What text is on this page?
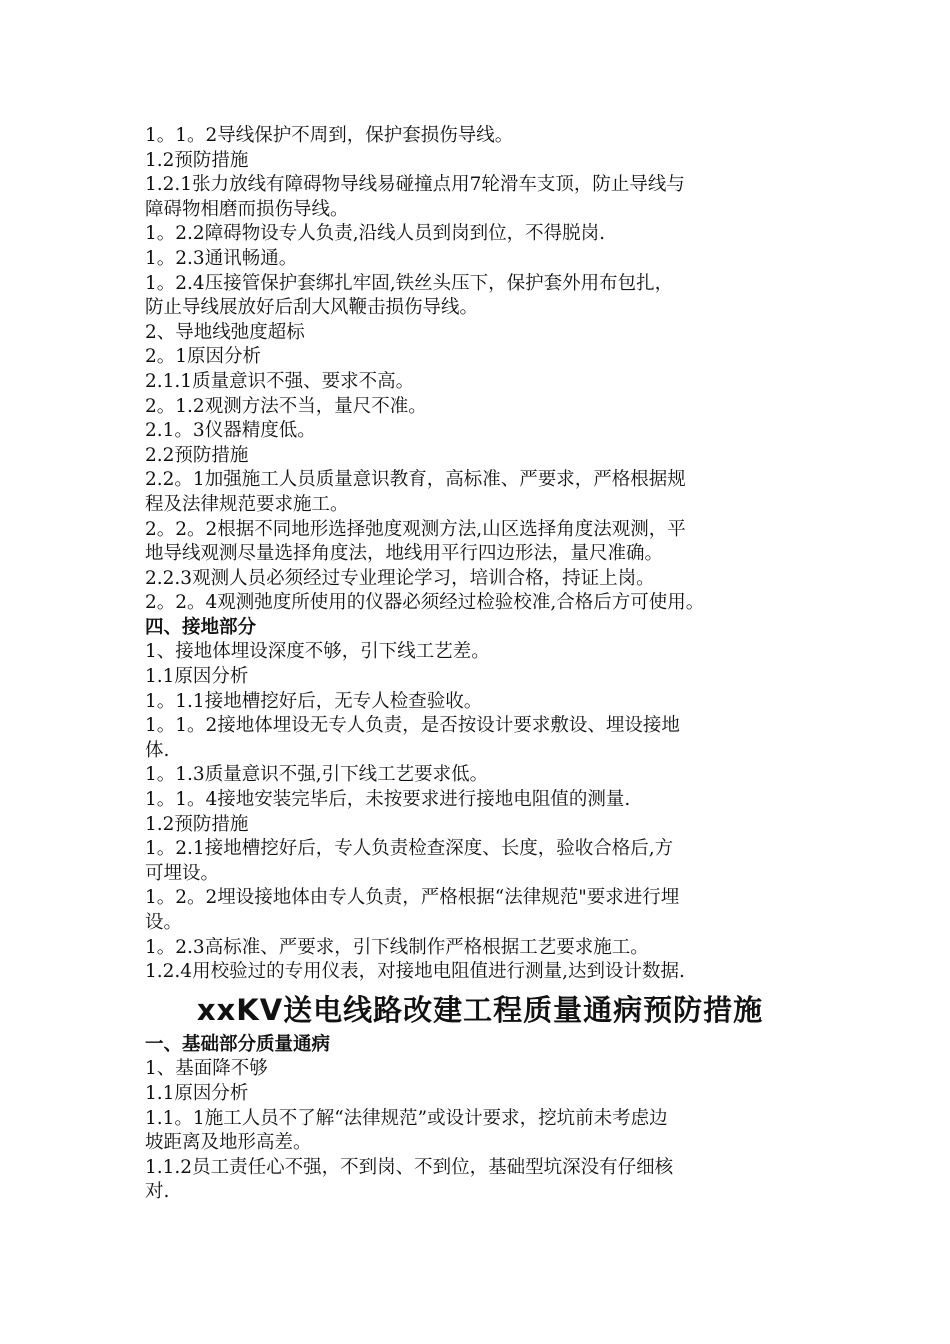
1。1。2导线保护不周到，保护套损伤导线。
1.2预防措施
1.2.1张力放线有障碍物导线易碰撞点用7轮滑车支顶，防止导线与
障碍物相磨而损伤导线。
1。2.2障碍物设专人负责,沿线人员到岗到位，不得脱岗.
1。2.3通讯畅通。
1。2.4压接管保护套绑扎牢固,铁丝头压下，保护套外用布包扎，
防止导线展放好后刮大风鞭击损伤导线。
2、导地线弛度超标
2。1原因分析
2.1.1质量意识不强、要求不高。
2。1.2观测方法不当，量尺不准。
2.1。3仪器精度低。
2.2预防措施
2.2。1加强施工人员质量意识教育，高标准、严要求，严格根据规
程及法律规范要求施工。
2。2。2根据不同地形选择弛度观测方法,山区选择角度法观测，平
地导线观测尽量选择角度法，地线用平行四边形法，量尺准确。
2.2.3观测人员必须经过专业理论学习，培训合格，持证上岗。
2。2。4观测弛度所使用的仪器必须经过检验校准,合格后方可使用。
四、接地部分
1、接地体埋设深度不够，引下线工艺差。
1.1原因分析
1。1.1接地槽挖好后，无专人检查验收。
1。1。2接地体埋设无专人负责，是否按设计要求敷设、埋设接地
体.
1。1.3质量意识不强,引下线工艺要求低。
1。1。4接地安装完毕后，未按要求进行接地电阻值的测量.
1.2预防措施
1。2.1接地槽挖好后，专人负责检查深度、长度，验收合格后,方
可埋设。
1。2。2埋设接地体由专人负责，严格根据“法律规范"要求进行埋
设。
1。2.3高标准、严要求，引下线制作严格根据工艺要求施工。
1.2.4用校验过的专用仪表，对接地电阻值进行测量,达到设计数据.
xxKV送电线路改建工程质量通病预防措施
一、基础部分质量通病
1、基面降不够
1.1原因分析
1.1。1施工人员不了解“法律规范”或设计要求，挖坑前未考虑边
坡距离及地形高差。
1.1.2员工责任心不强，不到岗、不到位，基础型坑深没有仔细核
对.
